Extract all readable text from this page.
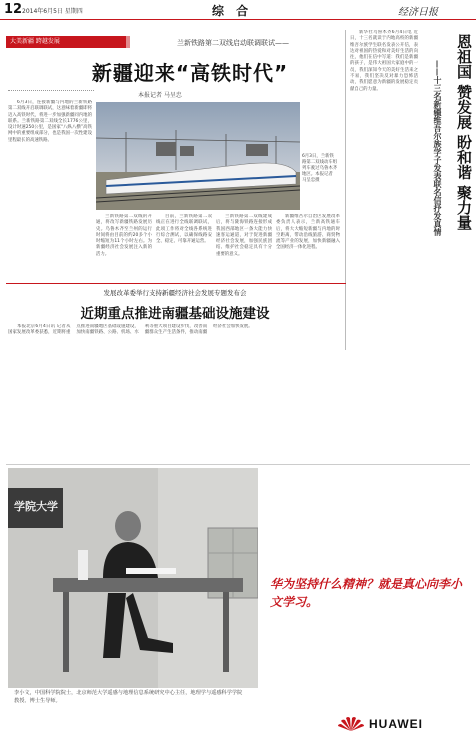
12 2014年6月5日 星期四	综 合	经济日报
大美新疆 跨越发展	兰新铁路第二双线启动联调联试——
新疆迎来“高铁时代”
本报记者 马呈忠

6月3日，连接新疆与内地的兰新铁路第二双线开启联调联试，这意味着新疆即将迈入高铁时代，将进一步加强新疆同内地的联系。兰新铁路第二双线全长1776公里，设计时速250公里，是国家“八纵八横”高铁网中的重要组成部分，也是我国一次性建设里程最长的高速铁路。

6月3日，兰新铁路第二双线动车组列车驶过乌鲁木齐地区。本报记者 马呈忠摄

兰新铁路第二双线的开通，将改写新疆铁路发展历史。乌鲁木齐至兰州的运行时间将由目前的约20多个小时缩短为11个小时左右。为新疆经济社会发展注入新的活力。

目前，兰新铁路第二双线正在进行全线联调联试，此项工作将对全线各系统进行综合测试，以确保线路安全、稳定、可靠开通运营。

兰新铁路第二双线建成后，将与陇海铁路连接形成我国西部地区一条大能力快速客运通道，对于促进新疆经济社会发展，加强民族团结、维护社会稳定具有十分重要的意义。

新疆维吾尔自治区发展改革委负责人表示，兰新高铁通车后，将大大缩短新疆与内地的时空距离，带动沿线旅游、商贸物流等产业的发展，加快新疆融入全国经济一体化进程。

新华社乌鲁木齐6月4日电 近日，十三名就读于内地高校的新疆维吾尔族学生联名发表公开信，表达对祖国的热爱和对美好生活的向往，他们在信中写道：我们是新疆的孩子，是伟大祖国大家庭中的一员，我们深知今天的美好生活来之不易，我们坚决反对暴力恐怖活动，我们愿意为新疆的发展稳定贡献自己的力量。	恩祖国 赞发展 盼和谐 聚力量
——十三名新疆维吾尔族学子发表联名信抒发真情
发展改革委举行支持新疆经济社会发展专题发布会
近期重点推进南疆基础设施建设

本报北京6月4日讯 记者从国家发展改革委获悉，近期将重点推进南疆地区基础设施建设，加快南疆铁路、公路、机场、水利等重大项目建设步伐，改善南疆群众生产生活条件，推动南疆经济社会加快发展。

学院大学
李小文，中国科学院院士，北京师范大学遥感与地理信息系统研究中心主任，地理学与遥感科学学院教授、博士生导师。
华为坚持什么精神？就是真心向李小文学习。
HUAWEI
